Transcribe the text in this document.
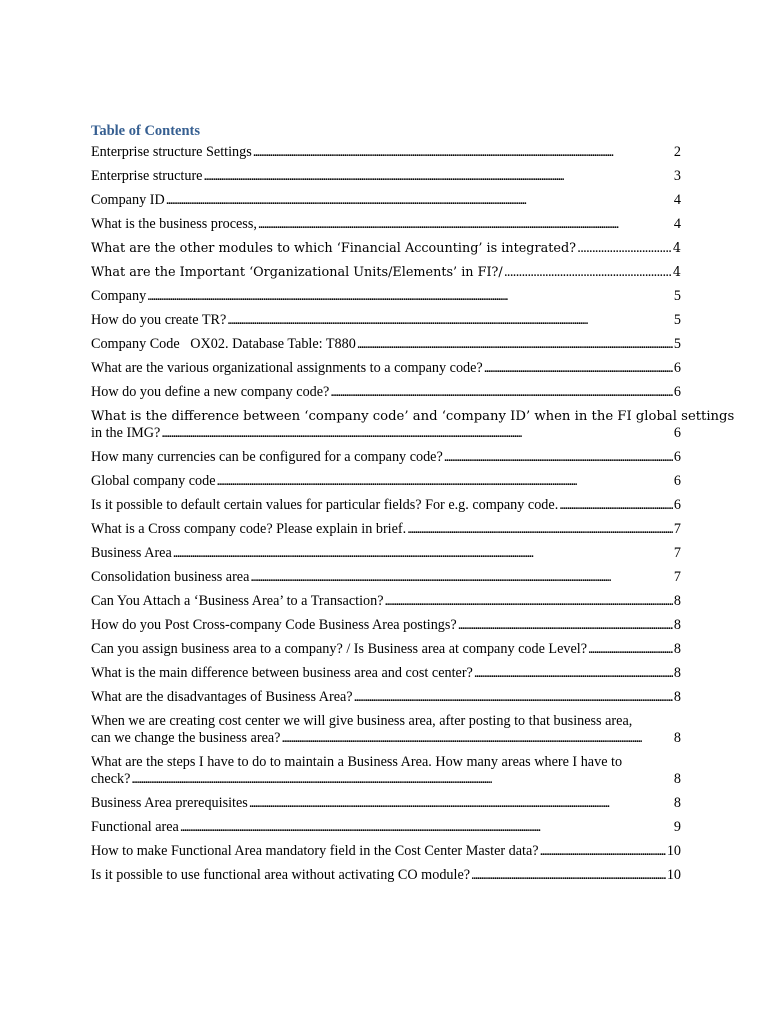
Table of Contents
Enterprise structure Settings . . .	2
Enterprise structure . . .	3
Company ID . . .	4
What is the business process, . . .	4
What are the other modules to which ‘Financial Accounting’ is integrated? . . .	4
What are the Important ‘Organizational Units/Elements’ in FI?/ . . .	4
Company . . .	5
How do you create TR? . . .	5
Company Code   OX02. Database Table: T880 . . .	5
What are the various organizational assignments to a company code? . . .	6
How do you define a new company code? . . .	6
What is the difference between ‘company code’ and ‘company ID’ when in the FI global settings
in the IMG? . . .	6
How many currencies can be configured for a company code? . . .	6
Global company code . . .	6
Is it possible to default certain values for particular fields? For e.g. company code. . . .	6
What is a Cross company code? Please explain in brief. . . .	7
Business Area . . .	7
Consolidation business area . . .	7
Can You Attach a ‘Business Area’ to a Transaction? . . .	8
How do you Post Cross-company Code Business Area postings? . . .	8
Can you assign business area to a company? / Is Business area at company code Level? . . .	8
What is the main difference between business area and cost center? . . .	8
What are the disadvantages of Business Area? . . .	8
When we are creating cost center we will give business area, after posting to that business area,
can we change the business area? . . .	8
What are the steps I have to do to maintain a Business Area. How many areas where I have to
check? . . .	8
Business Area prerequisites . . .	8
Functional area . . .	9
How to make Functional Area mandatory field in the Cost Center Master data? . . .	10
Is it possible to use functional area without activating CO module? . . .	10
